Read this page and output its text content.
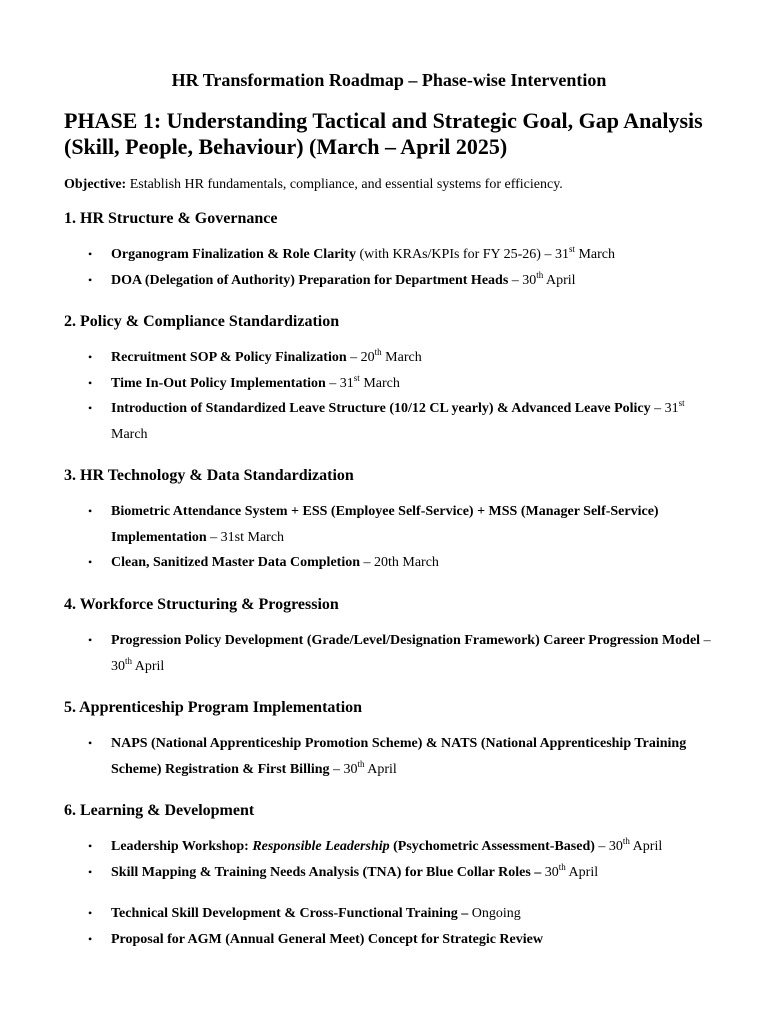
HR Transformation Roadmap – Phase-wise Intervention
PHASE 1: Understanding Tactical and Strategic Goal, Gap Analysis (Skill, People, Behaviour) (March – April 2025)

Objective: Establish HR fundamentals, compliance, and essential systems for efficiency.

1. HR Structure & Governance
• Organogram Finalization & Role Clarity (with KRAs/KPIs for FY 25-26) – 31st March
• DOA (Delegation of Authority) Preparation for Department Heads – 30th April
2. Policy & Compliance Standardization
• Recruitment SOP & Policy Finalization – 20th March
• Time In-Out Policy Implementation – 31st March
• Introduction of Standardized Leave Structure (10/12 CL yearly) & Advanced Leave Policy – 31st March
3. HR Technology & Data Standardization
• Biometric Attendance System + ESS (Employee Self-Service) + MSS (Manager Self-Service) Implementation – 31st March
• Clean, Sanitized Master Data Completion – 20th March
4. Workforce Structuring & Progression
• Progression Policy Development (Grade/Level/Designation Framework) Career Progression Model – 30th April
5. Apprenticeship Program Implementation
• NAPS (National Apprenticeship Promotion Scheme) & NATS (National Apprenticeship Training Scheme) Registration & First Billing – 30th April
6. Learning & Development
• Leadership Workshop: Responsible Leadership (Psychometric Assessment-Based) – 30th April
• Skill Mapping & Training Needs Analysis (TNA) for Blue Collar Roles – 30th April
• Technical Skill Development & Cross-Functional Training – Ongoing
• Proposal for AGM (Annual General Meet) Concept for Strategic Review
